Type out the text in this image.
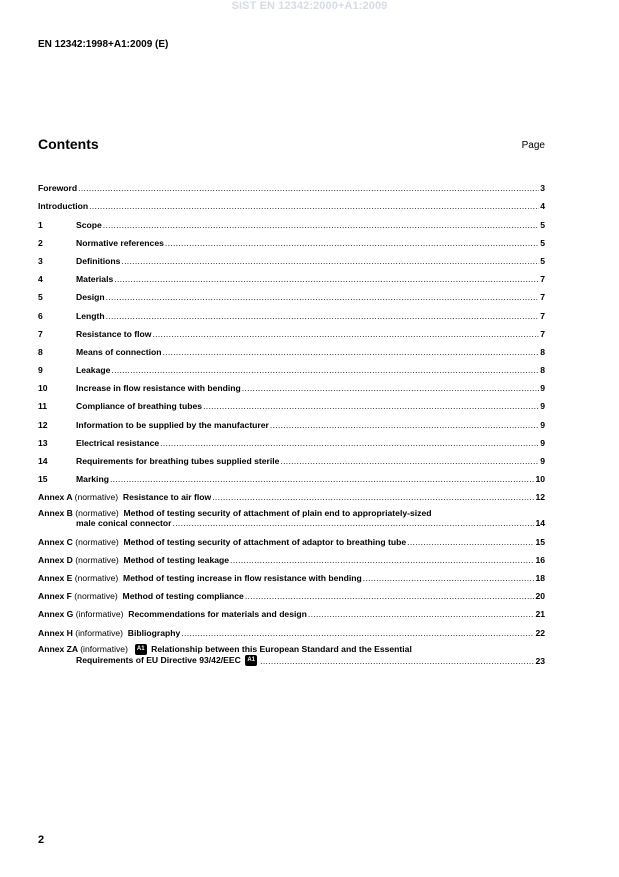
SIST EN 12342:2000+A1:2009
EN 12342:1998+A1:2009 (E)
Contents	Page
Foreword .....	3
Introduction .....	4
1	Scope .....	5
2	Normative references .....	5
3	Definitions .....	5
4	Materials .....	7
5	Design .....	7
6	Length .....	7
7	Resistance to flow .....	7
8	Means of connection .....	8
9	Leakage .....	8
10	Increase in flow resistance with bending .....	9
11	Compliance of breathing tubes .....	9
12	Information to be supplied by the manufacturer .....	9
13	Electrical resistance .....	9
14	Requirements for breathing tubes supplied sterile .....	9
15	Marking .....	10
Annex A (normative) Resistance to air flow .....	12
Annex B (normative) Method of testing security of attachment of plain end to appropriately-sized
male conical connector .....	14
Annex C (normative) Method of testing security of attachment of adaptor to breathing tube .....	15
Annex D (normative) Method of testing leakage .....	16
Annex E (normative) Method of testing increase in flow resistance with bending .....	18
Annex F (normative) Method of testing compliance .....	20
Annex G (informative) Recommendations for materials and design .....	21
Annex H (informative) Bibliography .....	22
Annex ZA (informative) A1 Relationship between this European Standard and the Essential
Requirements of EU Directive 93/42/EEC A1 .....	23
2
